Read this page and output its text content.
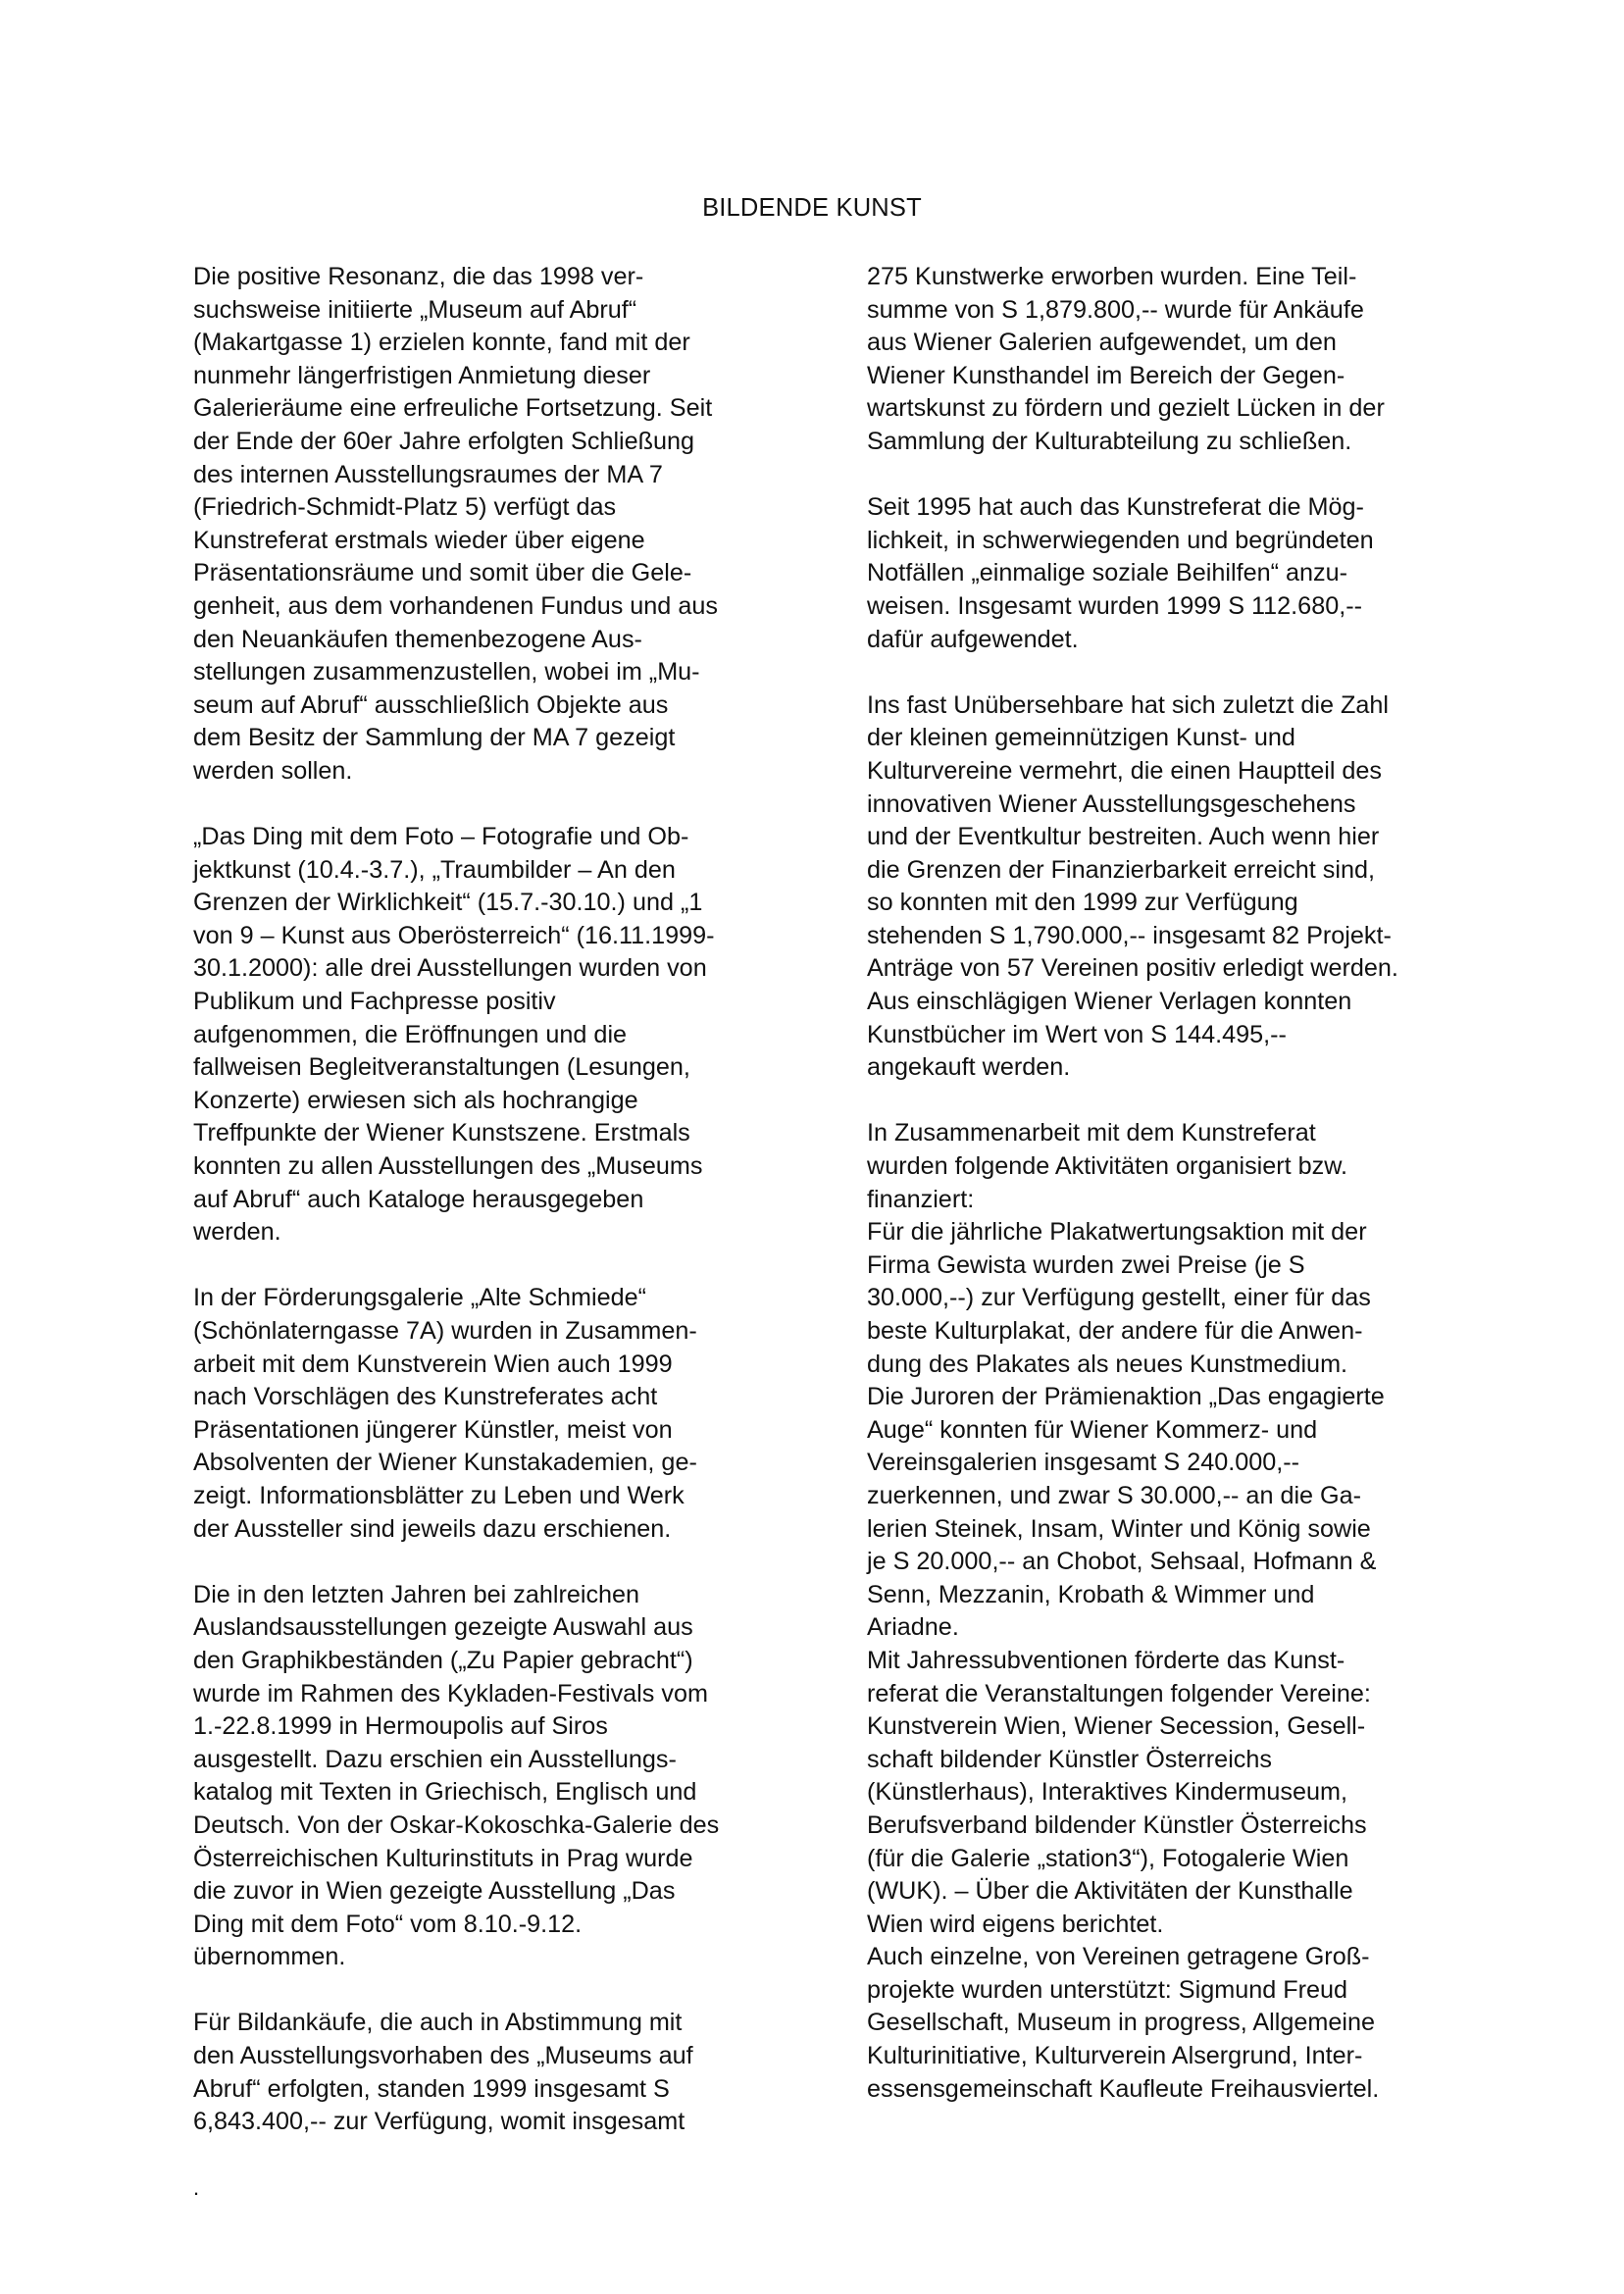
BILDENDE KUNST
Die positive Resonanz, die das 1998 ver-
suchsweise initiierte „Museum auf Abruf“
(Makartgasse 1) erzielen konnte, fand mit der
nunmehr längerfristigen Anmietung dieser
Galerieräume eine erfreuliche Fortsetzung. Seit
der Ende der 60er Jahre erfolgten Schließung
des internen Ausstellungsraumes der MA 7
(Friedrich-Schmidt-Platz 5) verfügt das
Kunstreferat erstmals wieder über eigene
Präsentationsräume und somit über die Gele-
genheit, aus dem vorhandenen Fundus und aus
den Neuankäufen themenbezogene Aus-
stellungen zusammenzustellen, wobei im „Mu-
seum auf Abruf“ ausschließlich Objekte aus
dem Besitz der Sammlung der MA 7 gezeigt
werden sollen.
„Das Ding mit dem Foto – Fotografie und Ob-
jektkunst (10.4.-3.7.), „Traumbilder – An den
Grenzen der Wirklichkeit“ (15.7.-30.10.) und „1
von 9 – Kunst aus Oberösterreich“ (16.11.1999-
30.1.2000): alle drei Ausstellungen wurden von
Publikum und Fachpresse positiv
aufgenommen, die Eröffnungen und die
fallweisen Begleitveranstaltungen (Lesungen,
Konzerte) erwiesen sich als hochrangige
Treffpunkte der Wiener Kunstszene. Erstmals
konnten zu allen Ausstellungen des „Museums
auf Abruf“ auch Kataloge herausgegeben
werden.
In der Förderungsgalerie „Alte Schmiede“
(Schönlaterngasse 7A) wurden in Zusammen-
arbeit mit dem Kunstverein Wien auch 1999
nach Vorschlägen des Kunstreferates acht
Präsentationen jüngerer Künstler, meist von
Absolventen der Wiener Kunstakademien, ge-
zeigt. Informationsblätter zu Leben und Werk
der Aussteller sind jeweils dazu erschienen.
Die in den letzten Jahren bei zahlreichen
Auslandsausstellungen gezeigte Auswahl aus
den Graphikbeständen („Zu Papier gebracht“)
wurde im Rahmen des Kykladen-Festivals vom
1.-22.8.1999 in Hermoupolis auf Siros
ausgestellt. Dazu erschien ein Ausstellungs-
katalog mit Texten in Griechisch, Englisch und
Deutsch. Von der Oskar-Kokoschka-Galerie des
Österreichischen Kulturinstituts in Prag wurde
die zuvor in Wien gezeigte Ausstellung „Das
Ding mit dem Foto“ vom 8.10.-9.12.
übernommen.
Für Bildankäufe, die auch in Abstimmung mit
den Ausstellungsvorhaben des „Museums auf
Abruf“ erfolgten, standen 1999 insgesamt S
6,843.400,-- zur Verfügung, womit insgesamt
275 Kunstwerke erworben wurden. Eine Teil-
summe von S 1,879.800,-- wurde für Ankäufe
aus Wiener Galerien aufgewendet, um den
Wiener Kunsthandel im Bereich der Gegen-
wartskunst zu fördern und gezielt Lücken in der
Sammlung der Kulturabteilung zu schließen.
Seit 1995 hat auch das Kunstreferat die Mög-
lichkeit, in schwerwiegenden und begründeten
Notfällen „einmalige soziale Beihilfen“ anzu-
weisen. Insgesamt wurden 1999 S 112.680,--
dafür aufgewendet.
Ins fast Unübersehbare hat sich zuletzt die Zahl
der kleinen gemeinnützigen Kunst- und
Kulturvereine vermehrt, die einen Hauptteil des
innovativen Wiener Ausstellungsgeschehens
und der Eventkultur bestreiten. Auch wenn hier
die Grenzen der Finanzierbarkeit erreicht sind,
so konnten mit den 1999 zur Verfügung
stehenden S 1,790.000,-- insgesamt 82 Projekt-
Anträge von 57 Vereinen positiv erledigt werden.
Aus einschlägigen Wiener Verlagen konnten
Kunstbücher im Wert von S 144.495,--
angekauft werden.
In Zusammenarbeit mit dem Kunstreferat
wurden folgende Aktivitäten organisiert bzw.
finanziert:
Für die jährliche Plakatwertungsaktion mit der
Firma Gewista wurden zwei Preise (je S
30.000,--) zur Verfügung gestellt, einer für das
beste Kulturplakat, der andere für die Anwen-
dung des Plakates als neues Kunstmedium.
Die Juroren der Prämienaktion „Das engagierte
Auge“ konnten für Wiener Kommerz- und
Vereinsgalerien insgesamt S 240.000,--
zuerkennen, und zwar S 30.000,-- an die Ga-
lerien Steinek, Insam, Winter und König sowie
je S 20.000,-- an Chobot, Sehsaal, Hofmann &
Senn, Mezzanin, Krobath & Wimmer und
Ariadne.
Mit Jahressubventionen förderte das Kunst-
referat die Veranstaltungen folgender Vereine:
Kunstverein Wien, Wiener Secession, Gesell-
schaft bildender Künstler Österreichs
(Künstlerhaus), Interaktives Kindermuseum,
Berufsverband bildender Künstler Österreichs
(für die Galerie „station3“), Fotogalerie Wien
(WUK). – Über die Aktivitäten der Kunsthalle
Wien wird eigens berichtet.
Auch einzelne, von Vereinen getragene Groß-
projekte wurden unterstützt: Sigmund Freud
Gesellschaft, Museum in progress, Allgemeine
Kulturinitiative, Kulturverein Alsergrund, Inter-
essensgemeinschaft Kaufleute Freihausviertel.
.
